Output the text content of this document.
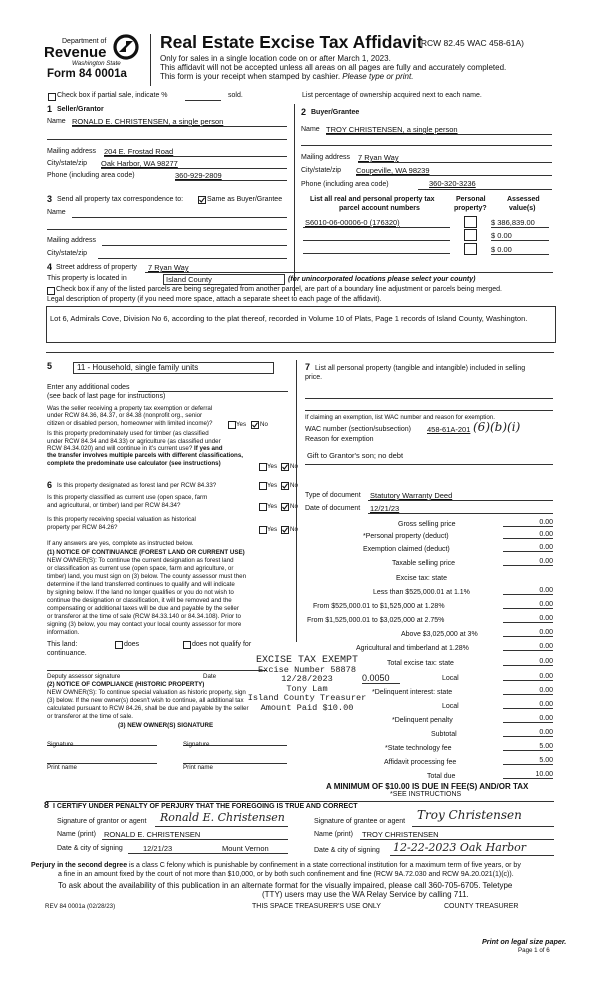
Department of
Revenue
Washington State
Form 84 0001a
Real Estate Excise Tax Affidavit
(RCW 82.45 WAC 458-61A)
Only for sales in a single location code on or after March 1, 2023.
This affidavit will not be accepted unless all areas on all pages are fully and accurately completed.
This form is your receipt when stamped by cashier. Please type or print.
Check box if partial sale, indicate %	sold.	List percentage of ownership acquired next to each name.
1 Seller/Grantor
Name RONALD E. CHRISTENSEN, a single person
Mailing address 204 E. Frostad Road
City/state/zip Oak Harbor, WA 98277
Phone (including area code)	360-929-2809
2 Buyer/Grantee
Name TROY CHRISTENSEN, a single person
Mailing address 7 Ryan Way
City/state/zip Coupeville, WA 98239
Phone (including area code)	360-320-3236
3 Send all property tax correspondence to:	Same as Buyer/Grantee
Name
Mailing address
City/state/zip
List all real and personal property tax
parcel account numbers
Personal
property?
Assessed
value(s)
S6010-06-00006-0 (176320)	$ 386,839.00
$ 0.00
$ 0.00
4 Street address of property 7 Ryan Way
This property is located in	Island County	(for unincorporated locations please select your county)
Check box if any of the listed parcels are being segregated from another parcel, are part of a boundary line adjustment or parcels being merged.
Legal description of property (if you need more space, attach a separate sheet to each page of the affidavit).
Lot 6, Admirals Cove, Division No 6, according to the plat thereof, recorded in Volume 10 of Plats, Page 1 records of Island County, Washington.
5	11 - Household, single family units
Enter any additional codes
(see back of last page for instructions)
Was the seller receiving a property tax exemption or deferral
under RCW 84.36, 84.37, or 84.38 (nonprofit org., senior
citizen or disabled person, homeowner with limited income)?	Yes No
Is this property predominately used for timber (as classified
under RCW 84.34 and 84.33) or agriculture (as classified under
RCW 84.34.020) and will continue in it's current use? If yes and
the transfer involves multiple parcels with different classifications,
complete the predominate use calculator (see instructions)	Yes No
6 Is this property designated as forest land per RCW 84.33?	Yes No
Is this property classified as current use (open space, farm
and agricultural, or timber) land per RCW 84.34?	Yes No
Is this property receiving special valuation as historical
property per RCW 84.26?	Yes No
If any answers are yes, complete as instructed below.
(1) NOTICE OF CONTINUANCE (FOREST LAND OR CURRENT USE)
NEW OWNER(S): To continue the current designation as forest land
or classification as current use (open space, farm and agriculture, or
timber) land, you must sign on (3) below. The county assessor must then
determine if the land transferred continues to qualify and will indicate
by signing below. If the land no longer qualifies or you do not wish to
continue the designation or classification, it will be removed and the
compensating or additional taxes will be due and payable by the seller
or transferor at the time of sale (RCW 84.33.140 or 84.34.108). Prior to
signing (3) below, you may contact your local county assessor for more
information.
This land:	does	does not qualify for
continuance.
Deputy assessor signature	Date
(2) NOTICE OF COMPLIANCE (HISTORIC PROPERTY)
NEW OWNER(S): To continue special valuation as historic property, sign
(3) below. If the new owner(s) doesn't wish to continue, all additional tax
calculated pursuant to RCW 84.26, shall be due and payable by the seller
or transferor at the time of sale.
(3) NEW OWNER(S) SIGNATURE
Signature	Signature
Print name	Print name
7 List all personal property (tangible and intangible) included in selling
price.
If claiming an exemption, list WAC number and reason for exemption.
WAC number (section/subsection) 458-61A-201 (6)(b)(i)
Reason for exemption
Gift to Grantor's son; no debt
Type of document Statutory Warranty Deed
Date of document 12/21/23
Gross selling price	0.00
*Personal property (deduct)	0.00
Exemption claimed (deduct)	0.00
Taxable selling price	0.00
Excise tax: state
Less than $525,000.01 at 1.1%	0.00
From $525,000.01 to $1,525,000 at 1.28%	0.00
From $1,525,000.01 to $3,025,000 at 2.75%	0.00
Above $3,025,000 at 3%	0.00
Agricultural and timberland at 1.28%	0.00
Total excise tax: state	0.00
0.0050	Local	0.00
*Delinquent interest: state	0.00
Local	0.00
*Delinquent penalty	0.00
Subtotal	0.00
*State technology fee	5.00
Affidavit processing fee	5.00
Total due	10.00
A MINIMUM OF $10.00 IS DUE IN FEE(S) AND/OR TAX
*SEE INSTRUCTIONS
EXCISE TAX EXEMPT
Excise Number 58878
12/28/2023
Tony Lam
Island County Treasurer
Amount Paid $10.00
8 I CERTIFY UNDER PENALTY OF PERJURY THAT THE FOREGOING IS TRUE AND CORRECT
Signature of grantor or agent Ronald E. Christensen
Name (print) RONALD E. CHRISTENSEN
Date & city of signing	12/21/23	Mount Vernon
Signature of grantee or agent Troy Christensen
Name (print) TROY CHRISTENSEN
Date & city of signing 12-22-2023 Oak Harbor
Perjury in the second degree is a class C felony which is punishable by confinement in a state correctional institution for a maximum term of five years, or by
a fine in an amount fixed by the court of not more than $10,000, or by both such confinement and fine (RCW 9A.72.030 and RCW 9A.20.021(1)(c)).
To ask about the availability of this publication in an alternate format for the visually impaired, please call 360-705-6705. Teletype
(TTY) users may use the WA Relay Service by calling 711.
REV 84 0001a (02/28/23)	THIS SPACE TREASURER'S USE ONLY	COUNTY TREASURER
Print on legal size paper.
Page 1 of 6
